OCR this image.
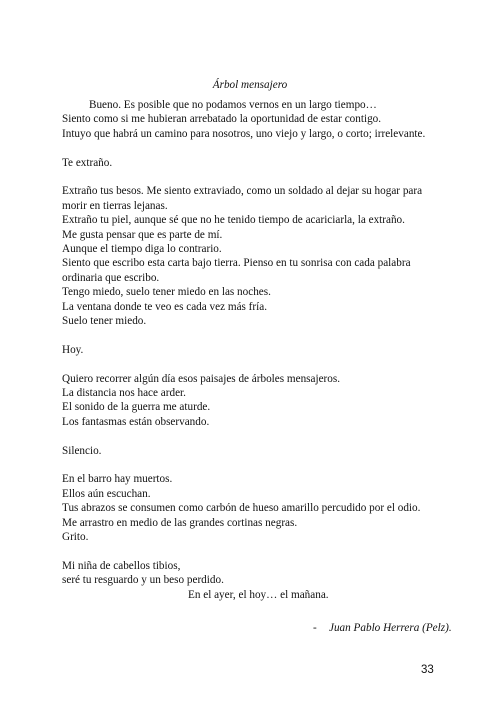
Árbol mensajero

Bueno. Es posible que no podamos vernos en un largo tiempo…

Siento como si me hubieran arrebatado la oportunidad de estar contigo.

Intuyo que habrá un camino para nosotros, uno viejo y largo, o corto; irrelevante.

Te extraño.

Extraño tus besos. Me siento extraviado, como un soldado al dejar su hogar para morir en tierras lejanas.

Extraño tu piel, aunque sé que no he tenido tiempo de acariciarla, la extraño.

Me gusta pensar que es parte de mí.

Aunque el tiempo diga lo contrario.

Siento que escribo esta carta bajo tierra. Pienso en tu sonrisa con cada palabra ordinaria que escribo.

Tengo miedo, suelo tener miedo en las noches.

La ventana donde te veo es cada vez más fría.

Suelo tener miedo.

Hoy.

Quiero recorrer algún día esos paisajes de árboles mensajeros.

La distancia nos hace arder.

El sonido de la guerra me aturde.

Los fantasmas están observando.

Silencio.

En el barro hay muertos.

Ellos aún escuchan.

Tus abrazos se consumen como carbón de hueso amarillo percudido por el odio.

Me arrastro en medio de las grandes cortinas negras.

Grito.

Mi niña de cabellos tibios,

seré tu resguardo y un beso perdido.

En el ayer, el hoy… el mañana.

- Juan Pablo Herrera (Pelz).
33
